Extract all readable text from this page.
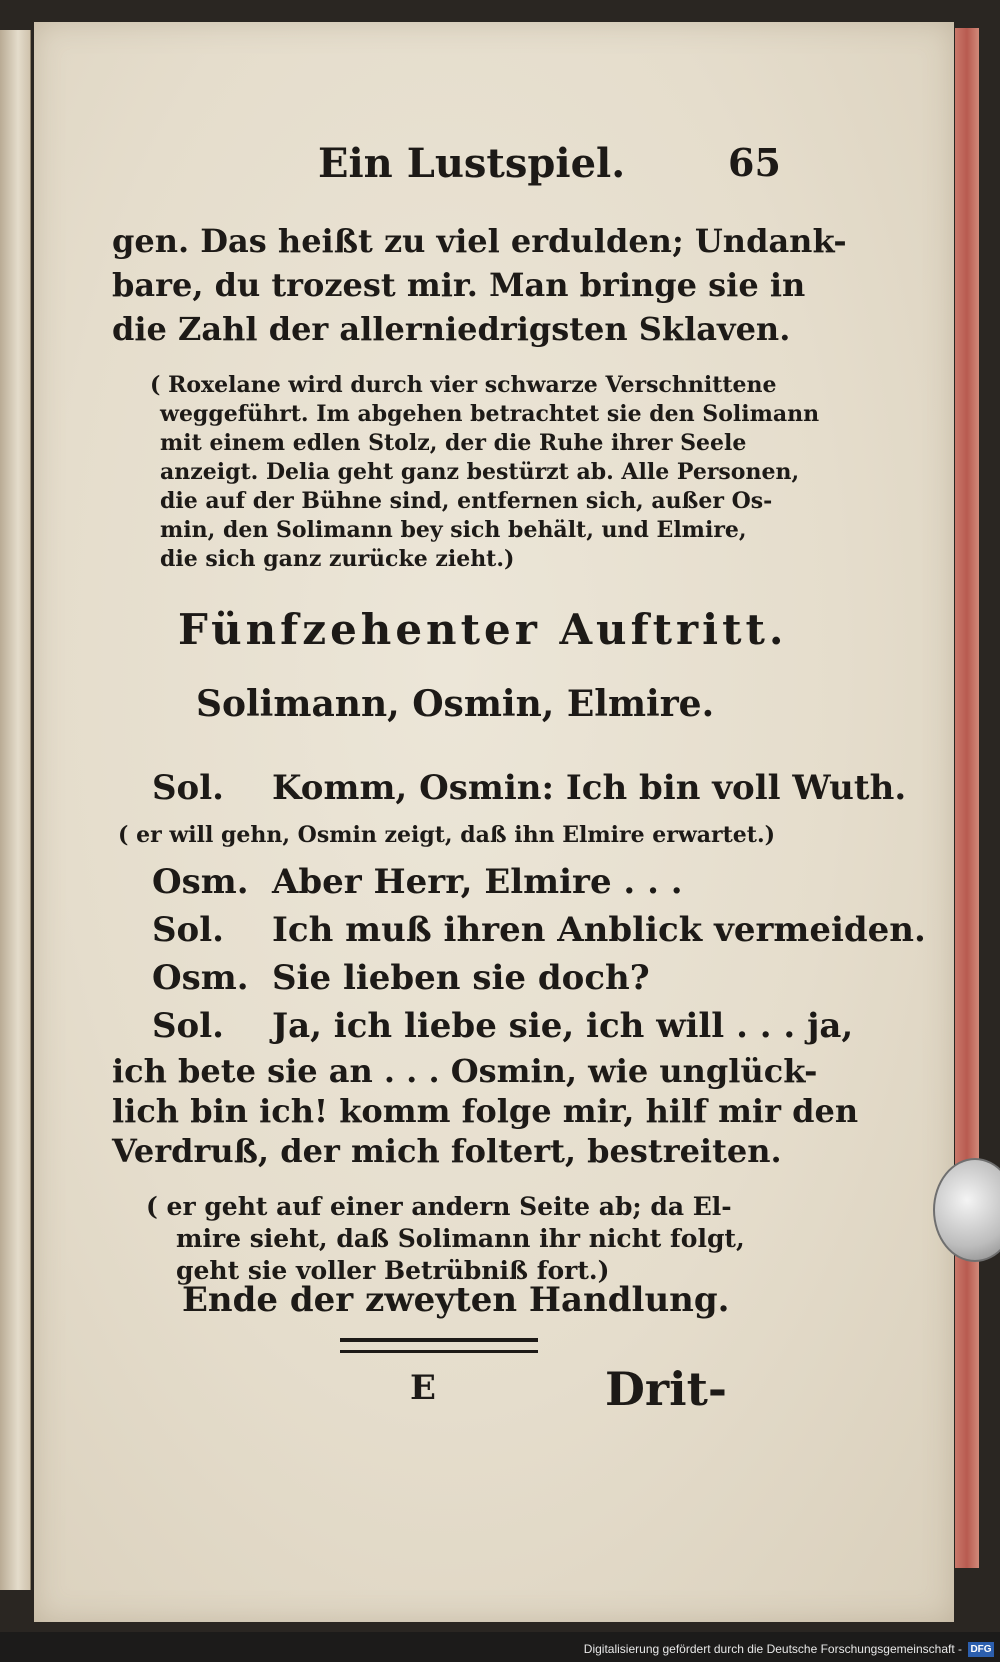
Ein Lustspiel.	65
gen. Das heißt zu viel erdulden; Undank-
bare, du trozest mir. Man bringe sie in
die Zahl der allerniedrigsten Sklaven.
( Roxelane wird durch vier schwarze Verschnittene
weggeführt. Im abgehen betrachtet sie den Solimann
mit einem edlen Stolz, der die Ruhe ihrer Seele
anzeigt. Delia geht ganz bestürzt ab. Alle Personen,
die auf der Bühne sind, entfernen sich, außer Os-
min, den Solimann bey sich behält, und Elmire,
die sich ganz zurücke zieht.)
Fünfzehenter Auftritt.
Solimann, Osmin, Elmire.
Sol. Komm, Osmin: Ich bin voll Wuth.
( er will gehn, Osmin zeigt, daß ihn Elmire erwartet.)
Osm. Aber Herr, Elmire . . .
Sol. Ich muß ihren Anblick vermeiden.
Osm. Sie lieben sie doch?
Sol. Ja, ich liebe sie, ich will . . . ja,
ich bete sie an . . . Osmin, wie unglück-
lich bin ich! komm folge mir, hilf mir den
Verdruß, der mich foltert, bestreiten.
( er geht auf einer andern Seite ab; da El-
mire sieht, daß Solimann ihr nicht folgt,
geht sie voller Betrübniß fort.)
Ende der zweyten Handlung.
E	Drit-
Digitalisierung gefördert durch die Deutsche Forschungsgemeinschaft - DFG
